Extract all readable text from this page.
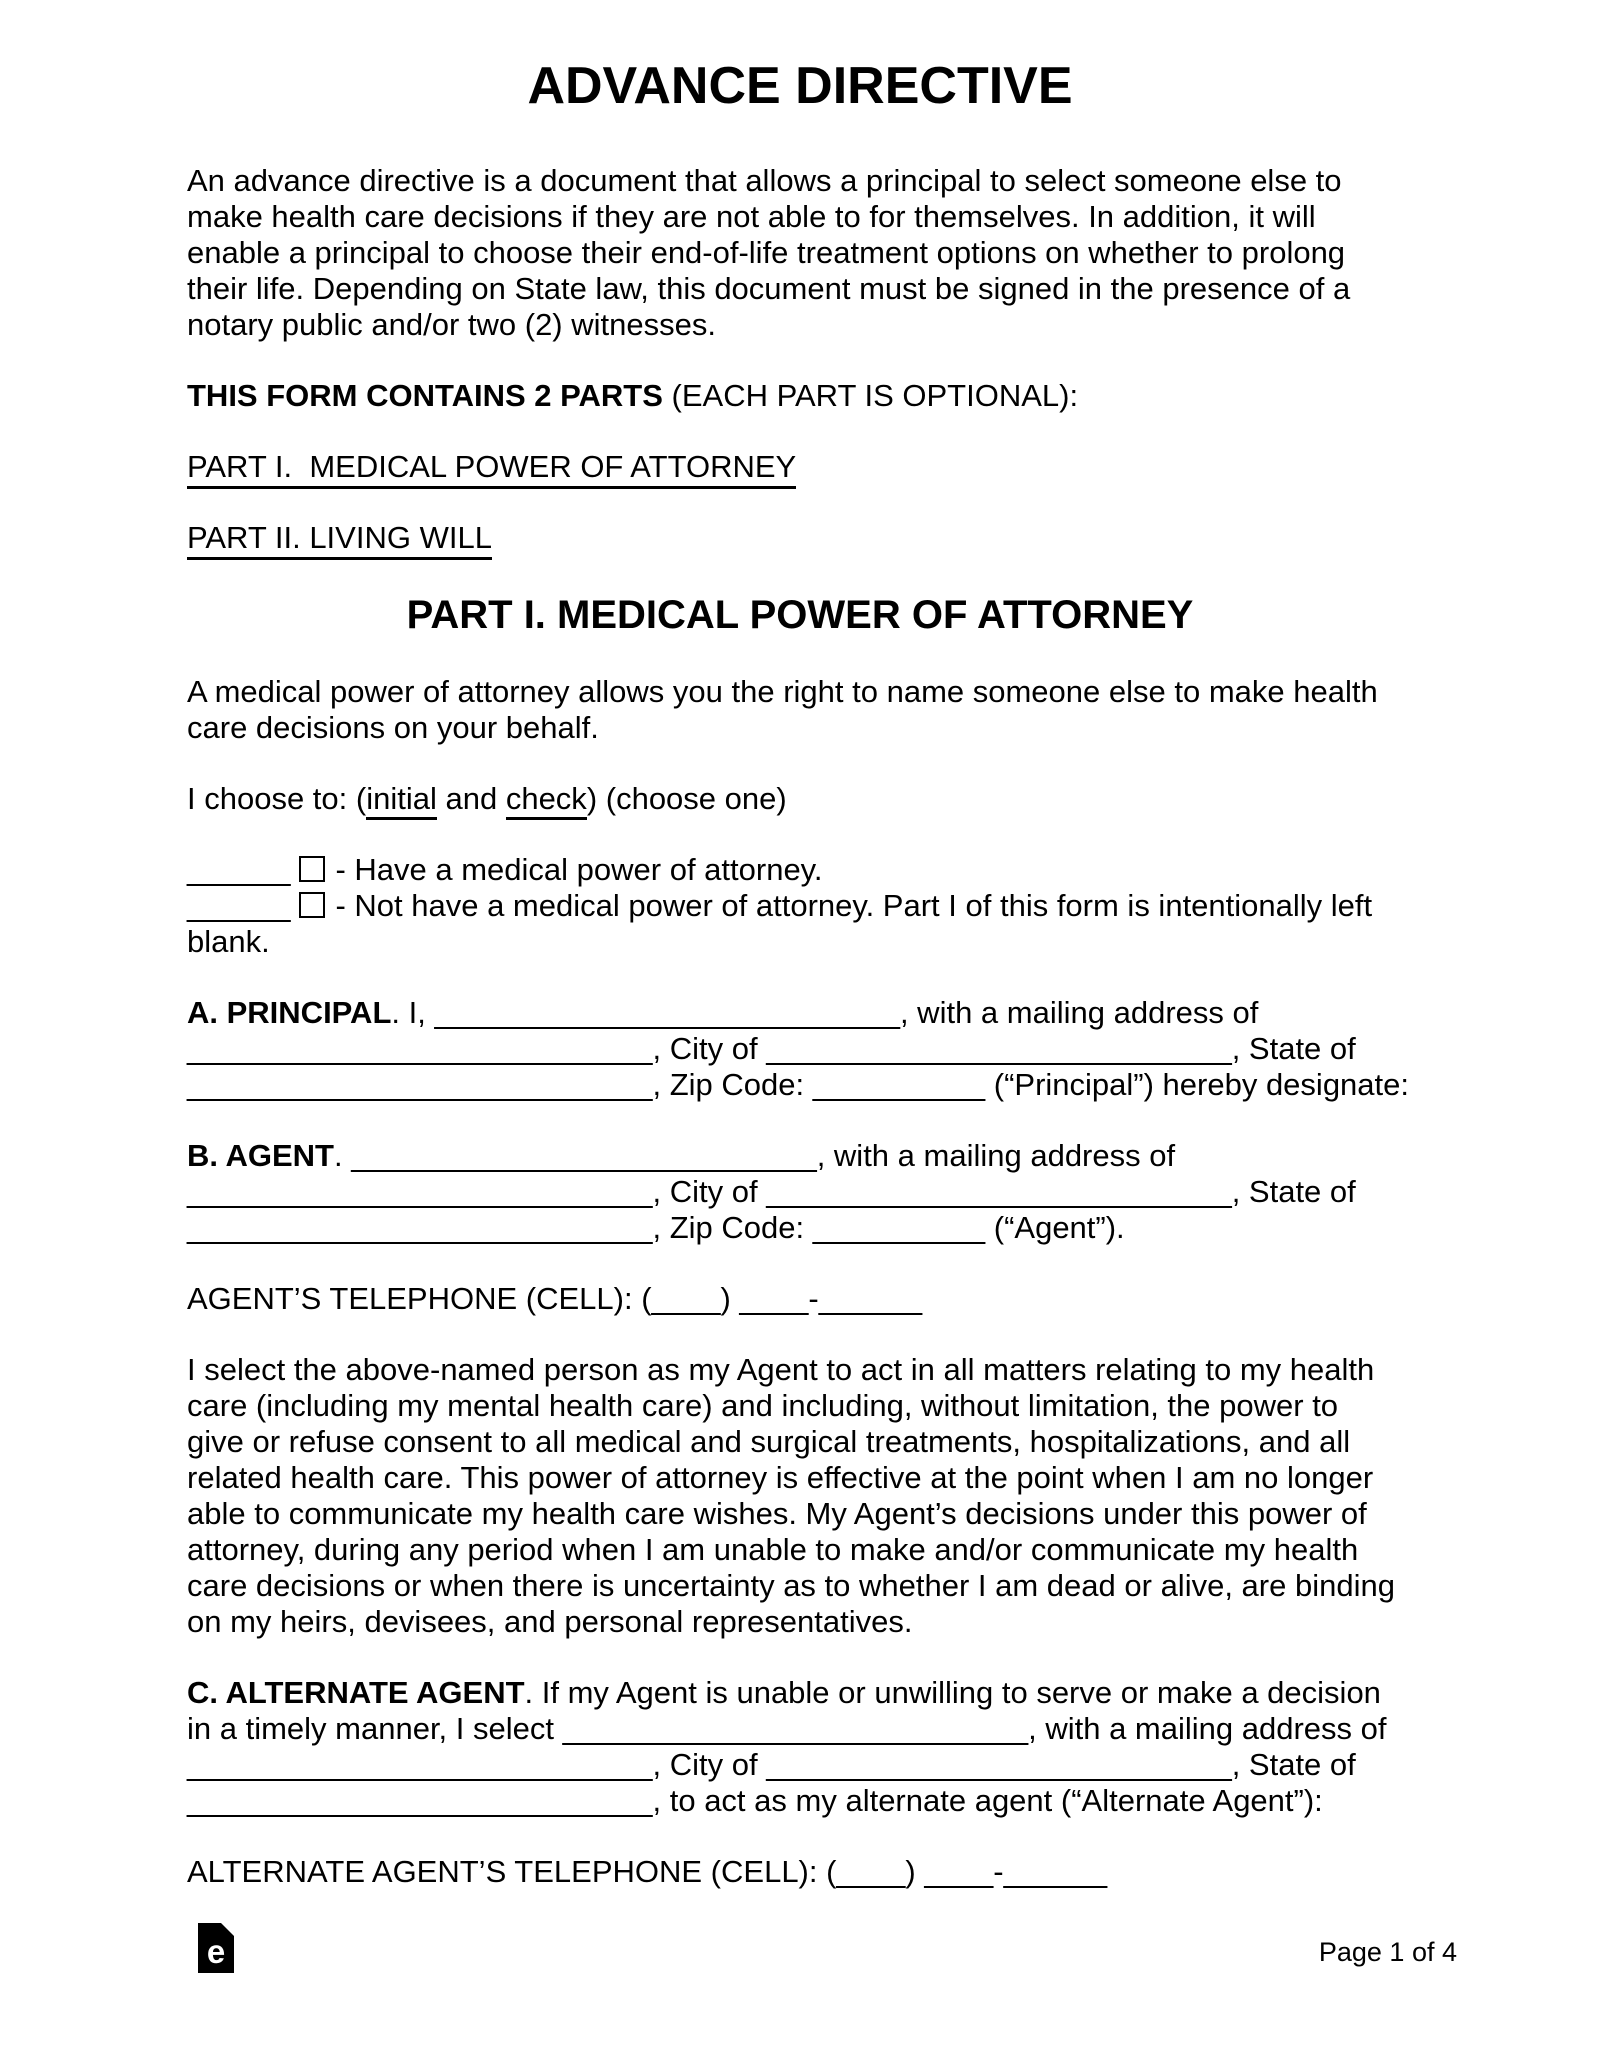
ADVANCE DIRECTIVE
An advance directive is a document that allows a principal to select someone else to
make health care decisions if they are not able to for themselves. In addition, it will
enable a principal to choose their end-of-life treatment options on whether to prolong
their life. Depending on State law, this document must be signed in the presence of a
notary public and/or two (2) witnesses.
THIS FORM CONTAINS 2 PARTS (EACH PART IS OPTIONAL):
PART I.  MEDICAL POWER OF ATTORNEY
PART II. LIVING WILL
PART I. MEDICAL POWER OF ATTORNEY
A medical power of attorney allows you the right to name someone else to make health
care decisions on your behalf.
I choose to: (initial and check) (choose one)
______ - Have a medical power of attorney.
______ - Not have a medical power of attorney. Part I of this form is intentionally left
blank.
A. PRINCIPAL. I, ___________________________, with a mailing address of
___________________________, City of ___________________________, State of
___________________________, Zip Code: __________ (“Principal”) hereby designate:
B. AGENT. ___________________________, with a mailing address of
___________________________, City of ___________________________, State of
___________________________, Zip Code: __________ (“Agent”).
AGENT’S TELEPHONE (CELL): (____) ____-______
I select the above-named person as my Agent to act in all matters relating to my health
care (including my mental health care) and including, without limitation, the power to
give or refuse consent to all medical and surgical treatments, hospitalizations, and all
related health care. This power of attorney is effective at the point when I am no longer
able to communicate my health care wishes. My Agent’s decisions under this power of
attorney, during any period when I am unable to make and/or communicate my health
care decisions or when there is uncertainty as to whether I am dead or alive, are binding
on my heirs, devisees, and personal representatives.
C. ALTERNATE AGENT. If my Agent is unable or unwilling to serve or make a decision
in a timely manner, I select ___________________________, with a mailing address of
___________________________, City of ___________________________, State of
___________________________, to act as my alternate agent (“Alternate Agent”):
ALTERNATE AGENT’S TELEPHONE (CELL): (____) ____-______
e	Page 1 of 4
